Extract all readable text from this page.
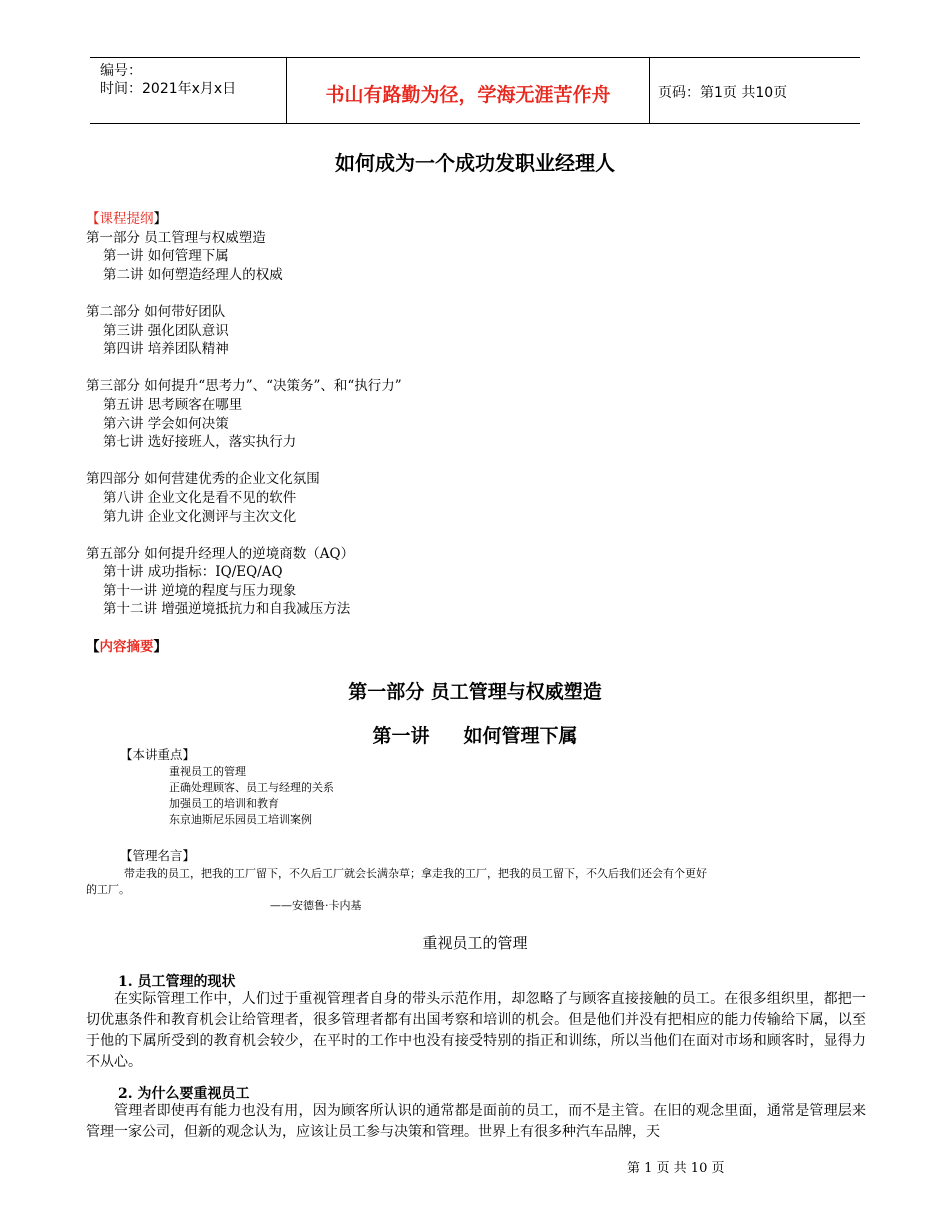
编号：
时间：2021年x月x日	书山有路勤为径，学海无涯苦作舟	页码：第1页 共10页
如何成为一个成功发职业经理人
【课程提纲】
第一部分 员工管理与权威塑造
第一讲 如何管理下属
第二讲 如何塑造经理人的权威
第二部分 如何带好团队
第三讲 强化团队意识
第四讲 培养团队精神
第三部分 如何提升“思考力”、“决策务”、和“执行力”
第五讲 思考顾客在哪里
第六讲 学会如何决策
第七讲 选好接班人，落实执行力
第四部分 如何营建优秀的企业文化氛围
第八讲 企业文化是看不见的软件
第九讲 企业文化测评与主次文化
第五部分 如何提升经理人的逆境商数（AQ）
第十讲 成功指标：IQ/EQ/AQ
第十一讲 逆境的程度与压力现象
第十二讲 增强逆境抵抗力和自我减压方法
【内容摘要】
第一部分 员工管理与权威塑造
第一讲 如何管理下属
【本讲重点】
重视员工的管理
正确处理顾客、员工与经理的关系
加强员工的培训和教育
东京迪斯尼乐园员工培训案例
【管理名言】
带走我的员工，把我的工厂留下，不久后工厂就会长满杂草；拿走我的工厂，把我的员工留下，不久后我们还会有个更好
的工厂。
——安德鲁·卡内基
重视员工的管理
1. 员工管理的现状

在实际管理工作中，人们过于重视管理者自身的带头示范作用，却忽略了与顾客直接接触的员工。在很多组织里，都把一切优惠条件和教育机会让给管理者，很多管理者都有出国考察和培训的机会。但是他们并没有把相应的能力传输给下属，以至于他的下属所受到的教育机会较少，在平时的工作中也没有接受特别的指正和训练，所以当他们在面对市场和顾客时，显得力不从心。

2. 为什么要重视员工

管理者即使再有能力也没有用，因为顾客所认识的通常都是面前的员工，而不是主管。在旧的观念里面，通常是管理层来管理一家公司，但新的观念认为，应该让员工参与决策和管理。世界上有很多种汽车品牌，天

第 1 页 共 10 页
